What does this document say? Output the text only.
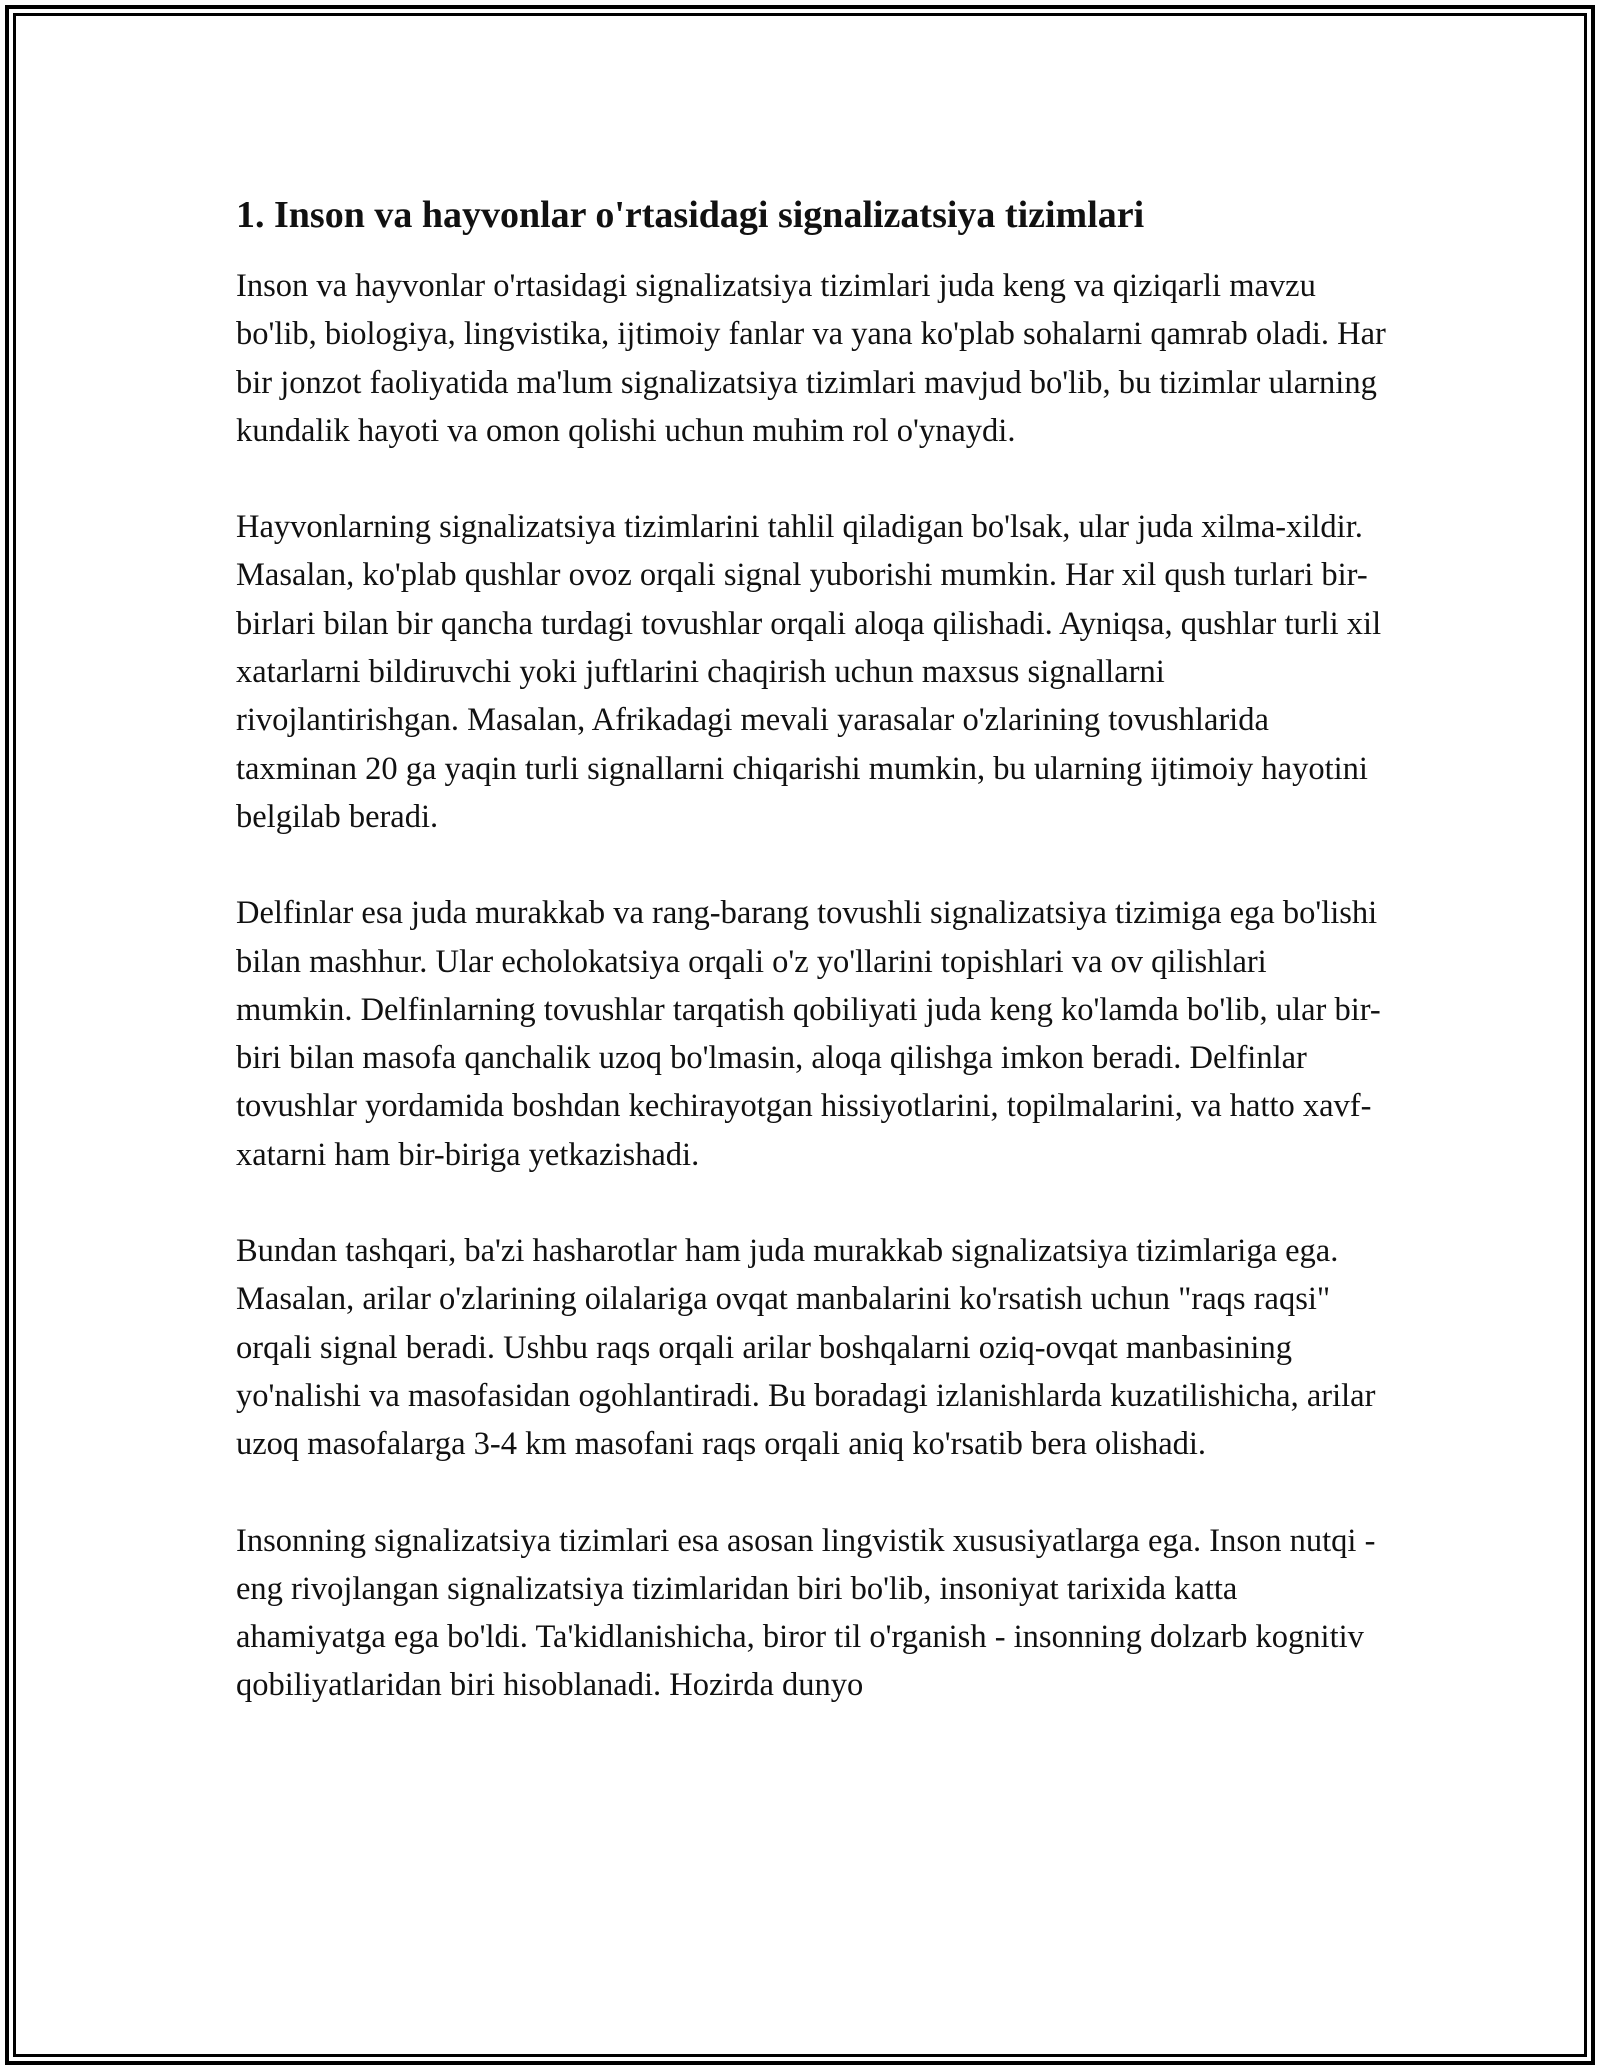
1. Inson va hayvonlar o'rtasidagi signalizatsiya tizimlari

Inson va hayvonlar o'rtasidagi signalizatsiya tizimlari juda keng va qiziqarli mavzu bo'lib, biologiya, lingvistika, ijtimoiy fanlar va yana ko'plab sohalarni qamrab oladi. Har bir jonzot faoliyatida ma'lum signalizatsiya tizimlari mavjud bo'lib, bu tizimlar ularning kundalik hayoti va omon qolishi uchun muhim rol o'ynaydi.

Hayvonlarning signalizatsiya tizimlarini tahlil qiladigan bo'lsak, ular juda xilma-xildir. Masalan, ko'plab qushlar ovoz orqali signal yuborishi mumkin. Har xil qush turlari bir-birlari bilan bir qancha turdagi tovushlar orqali aloqa qilishadi. Ayniqsa, qushlar turli xil xatarlarni bildiruvchi yoki juftlarini chaqirish uchun maxsus signallarni rivojlantirishgan. Masalan, Afrikadagi mevali yarasalar o'zlarining tovushlarida taxminan 20 ga yaqin turli signallarni chiqarishi mumkin, bu ularning ijtimoiy hayotini belgilab beradi.

Delfinlar esa juda murakkab va rang-barang tovushli signalizatsiya tizimiga ega bo'lishi bilan mashhur. Ular echolokatsiya orqali o'z yo'llarini topishlari va ov qilishlari mumkin. Delfinlarning tovushlar tarqatish qobiliyati juda keng ko'lamda bo'lib, ular bir-biri bilan masofa qanchalik uzoq bo'lmasin, aloqa qilishga imkon beradi. Delfinlar tovushlar yordamida boshdan kechirayotgan hissiyotlarini, topilmalarini, va hatto xavf-xatarni ham bir-biriga yetkazishadi.

Bundan tashqari, ba'zi hasharotlar ham juda murakkab signalizatsiya tizimlariga ega. Masalan, arilar o'zlarining oilalariga ovqat manbalarini ko'rsatish uchun "raqs raqsi" orqali signal beradi. Ushbu raqs orqali arilar boshqalarni oziq-ovqat manbasining yo'nalishi va masofasidan ogohlantiradi. Bu boradagi izlanishlarda kuzatilishicha, arilar uzoq masofalarga 3-4 km masofani raqs orqali aniq ko'rsatib bera olishadi.

Insonning signalizatsiya tizimlari esa asosan lingvistik xususiyatlarga ega. Inson nutqi - eng rivojlangan signalizatsiya tizimlaridan biri bo'lib, insoniyat tarixida katta ahamiyatga ega bo'ldi. Ta'kidlanishicha, biror til o'rganish - insonning dolzarb kognitiv qobiliyatlaridan biri hisoblanadi. Hozirda dunyo
